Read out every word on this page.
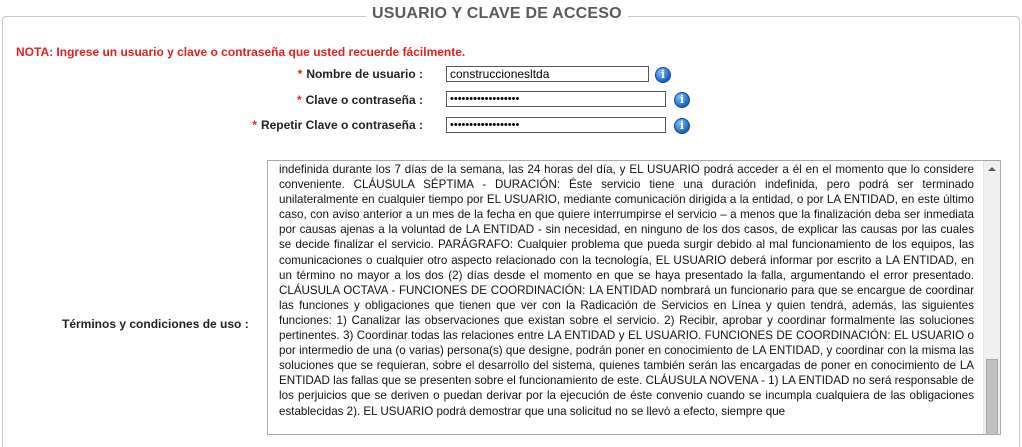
USUARIO Y CLAVE DE ACCESO
NOTA: Ingrese un usuario y clave o contraseña que usted recuerde fácilmente.
* Nombre de usuario :	construccionesltda	i
* Clave o contraseña :	••••••••••••••••••	i
* Repetir Clave o contraseña :	••••••••••••••••••	i
Términos y condiciones de uso :
indefinida durante los 7 días de la semana, las 24 horas del día, y EL USUARIO podrá acceder a él en el momento que lo considere conveniente. CLÁUSULA SÉPTIMA - DURACIÓN: Éste servicio tiene una duración indefinida, pero podrá ser terminado unilateralmente en cualquier tiempo por EL USUARIO, mediante comunicación dirigida a la entidad, o por LA ENTIDAD, en este último caso, con aviso anterior a un mes de la fecha en que quiere interrumpirse el servicio – a menos que la finalización deba ser inmediata por causas ajenas a la voluntad de LA ENTIDAD - sin necesidad, en ninguno de los dos casos, de explicar las causas por las cuales se decide finalizar el servicio. PARÁGRAFO: Cualquier problema que pueda surgir debido al mal funcionamiento de los equipos, las comunicaciones o cualquier otro aspecto relacionado con la tecnología, EL USUARIO deberá informar por escrito a LA ENTIDAD, en un término no mayor a los dos (2) días desde el momento en que se haya presentado la falla, argumentando el error presentado. CLÁUSULA OCTAVA - FUNCIONES DE COORDINACIÓN: LA ENTIDAD nombrará un funcionario para que se encargue de coordinar las funciones y obligaciones que tienen que ver con la Radicación de Servicios en Línea y quien tendrá, además, las siguientes funciones: 1) Canalizar las observaciones que existan sobre el servicio. 2) Recibir, aprobar y coordinar formalmente las soluciones pertinentes. 3) Coordinar todas las relaciones entre LA ENTIDAD y EL USUARIO. FUNCIONES DE COORDINACIÓN: EL USUARIO o por intermedio de una (o varias) persona(s) que designe, podrán poner en conocimiento de LA ENTIDAD, y coordinar con la misma las soluciones que se requieran, sobre el desarrollo del sistema, quienes también serán las encargadas de poner en conocimiento de LA ENTIDAD las fallas que se presenten sobre el funcionamiento de este. CLÁUSULA NOVENA - 1) LA ENTIDAD no será responsable de los perjuicios que se deriven o puedan derivar por la ejecución de éste convenio cuando se incumpla cualquiera de las obligaciones establecidas 2). EL USUARIO podrá demostrar que una solicitud no se llevó a efecto, siempre que
